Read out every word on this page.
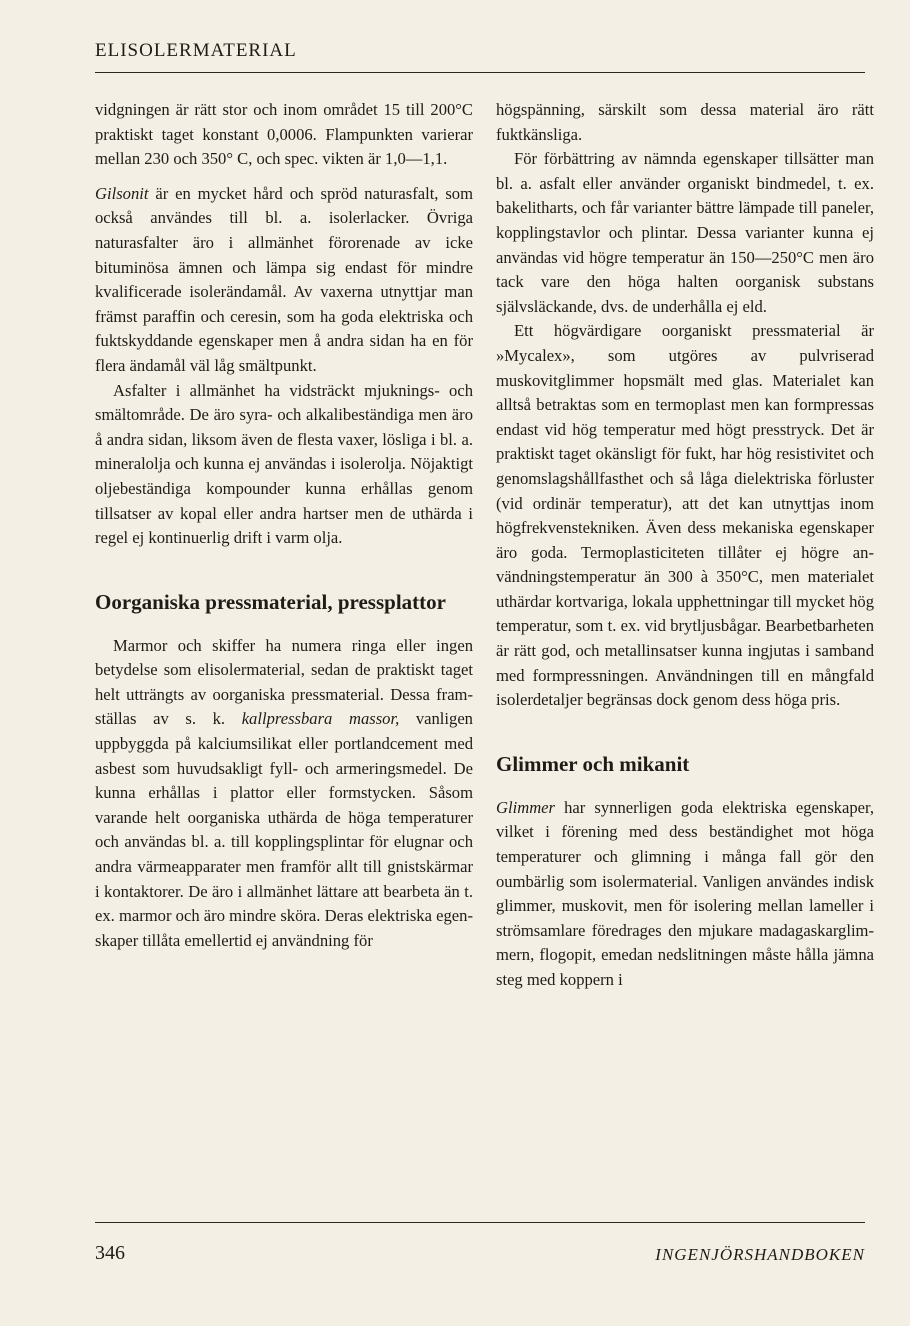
ELISOLERMATERIAL

vidgningen är rätt stor och inom området 15 till 200°C praktiskt taget konstant 0,0006. Flampunkten varierar mellan 230 och 350° C, och spec. vikten är 1,0—1,1.

Gilsonit är en mycket hård och spröd naturasfalt, som också användes till bl. a. isolerlacker. Övriga naturasfalter äro i allmänhet förorenade av icke bituminösa ämnen och lämpa sig endast för mindre kvalificerade isolerändamål. Av vaxerna utnyttjar man främst paraffin och ceresin, som ha goda elektriska och fuktskyddande egenskaper men å andra sidan ha en för flera ändamål väl låg smältpunkt.

Asfalter i allmänhet ha vidsträckt mjuknings- och smältområde. De äro syra- och alkalibeständiga men äro å andra sidan, liksom även de flesta vaxer, lösliga i bl. a. mineralolja och kunna ej användas i isolerolja. Nöjaktigt oljebeständiga kompounder kunna erhållas genom tillsatser av kopal eller andra hartser men de uthärda i regel ej kontinuerlig drift i varm olja.

Oorganiska pressmaterial, pressplattor

Marmor och skiffer ha numera ringa eller ingen betydelse som elisolermaterial, sedan de praktiskt taget helt utträngts av oorganiska pressmaterial. Dessa framställas av s. k. kallpressbara massor, vanligen uppbyggda på kalciumsilikat eller portlandcement med asbest som huvudsakligt fyll- och armeringsmedel. De kunna erhållas i plattor eller formstycken. Såsom varande helt oorganiska uthärda de höga temperaturer och användas bl. a. till kopplingsplintar för elugnar och andra värmeapparater men framför allt till gnistskärmar i kontaktorer. De äro i allmänhet lättare att bearbeta än t. ex. marmor och äro mindre sköra. Deras elektriska egenskaper tillåta emellertid ej användning för

högspänning, särskilt som dessa material äro rätt fuktkänsliga.

För förbättring av nämnda egenskaper tillsätter man bl. a. asfalt eller använder organiskt bindmedel, t. ex. bakelitharts, och får varianter bättre lämpade till paneler, kopplingstavlor och plintar. Dessa varianter kunna ej användas vid högre temperatur än 150—250°C men äro tack vare den höga halten oorganisk substans självsläckande, dvs. de underhålla ej eld.

Ett högvärdigare oorganiskt pressmaterial är »Mycalex», som utgöres av pulvriserad muskovitglimmer hopsmält med glas. Materialet kan alltså betraktas som en termoplast men kan formpressas endast vid hög temperatur med högt presstryck. Det är praktiskt taget okänsligt för fukt, har hög resistivitet och genomslagshållfasthet och så låga dielektriska förluster (vid ordinär temperatur), att det kan utnyttjas inom högfrekvenstekniken. Även dess mekaniska egenskaper äro goda. Termoplasticiteten tillåter ej högre användningstemperatur än 300 à 350°C, men materialet uthärdar kortvariga, lokala upphettningar till mycket hög temperatur, som t. ex. vid brytljusbågar. Bearbetbarheten är rätt god, och metallinsatser kunna ingjutas i samband med formpressningen. Användningen till en mångfald isolerdetaljer begränsas dock genom dess höga pris.

Glimmer och mikanit

Glimmer har synnerligen goda elektriska egenskaper, vilket i förening med dess beständighet mot höga temperaturer och glimning i många fall gör den oumbärlig som isolermaterial. Vanligen användes indisk glimmer, muskovit, men för isolering mellan lameller i strömsamlare föredrages den mjukare madagaskarglimmern, flogopit, emedan nedslitningen måste hålla jämna steg med koppern i

346	INGENJÖRSHANDBOKEN
